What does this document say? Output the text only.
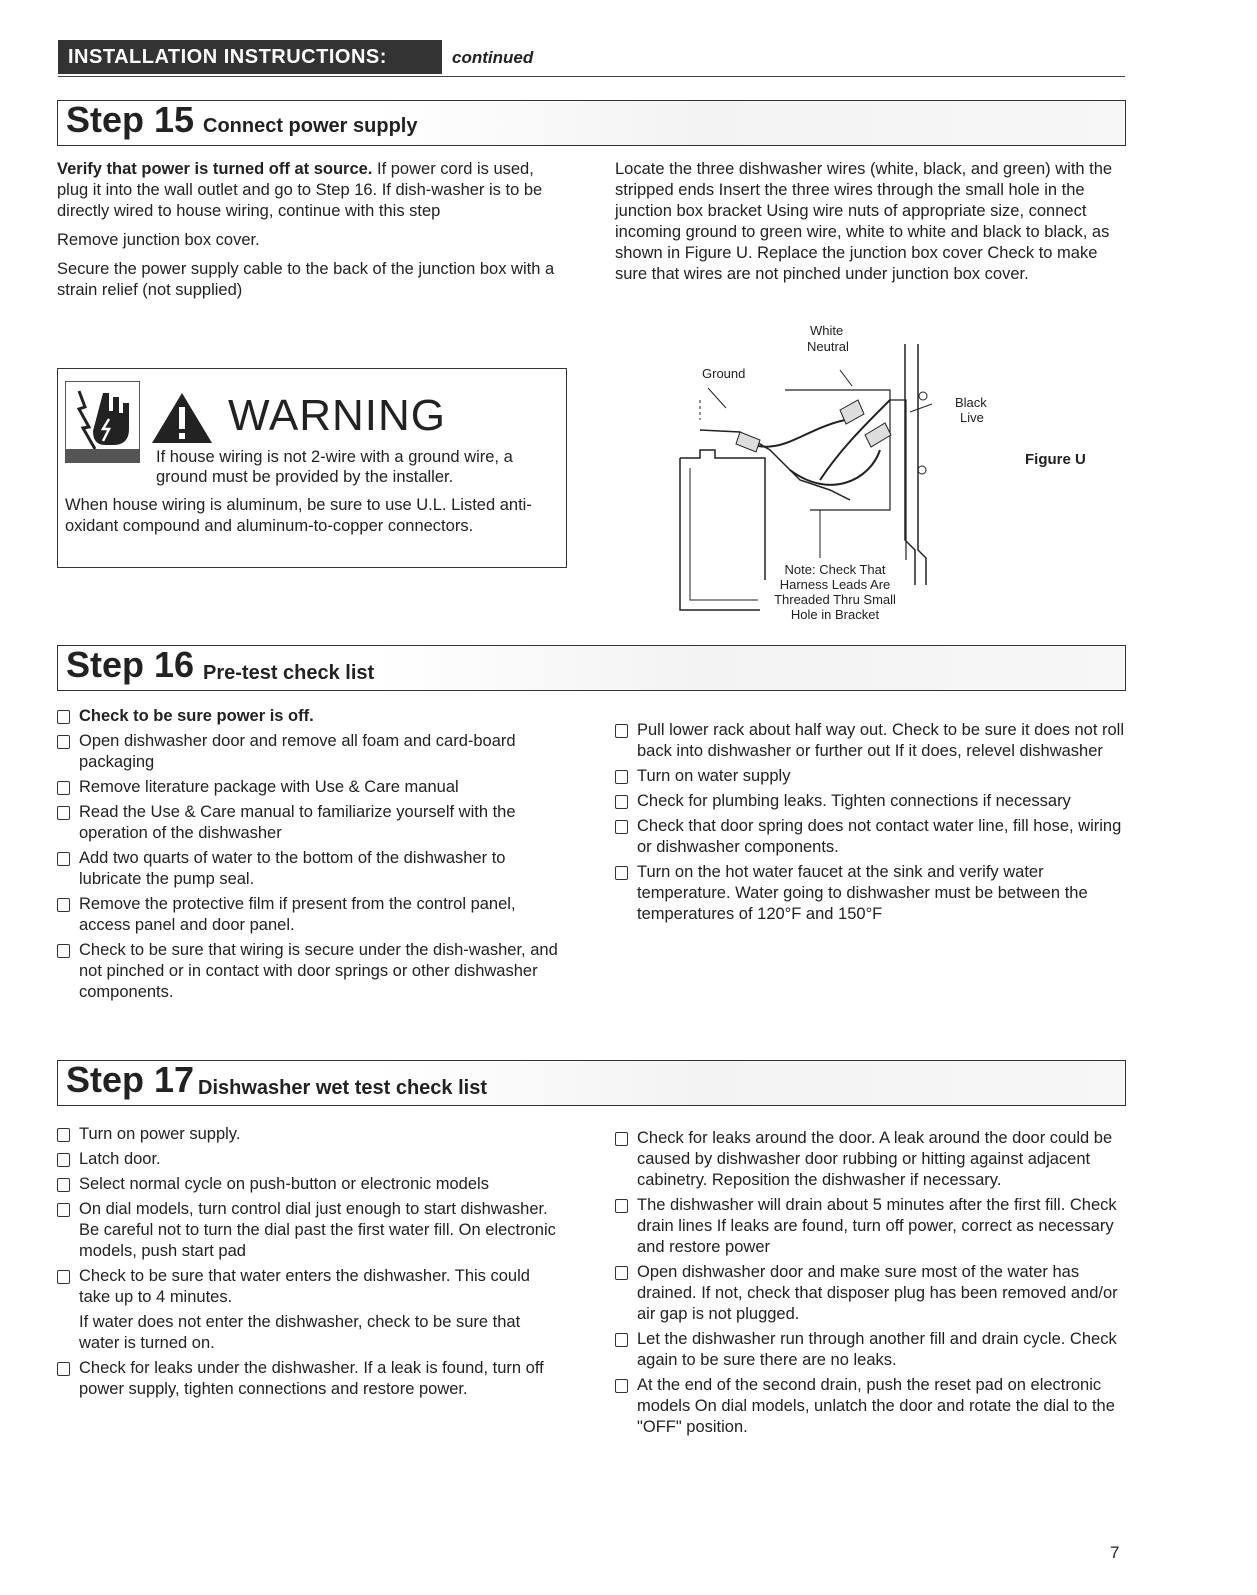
INSTALLATION INSTRUCTIONS:	continued
Step 15 Connect power supply

Verify that power is turned off at source. If power cord is used, plug it into the wall outlet and go to Step 16. If dish-washer is to be directly wired to house wiring, continue with this step

Remove junction box cover.

Secure the power supply cable to the back of the junction box with a strain relief (not supplied)

WARNING
If house wiring is not 2-wire with a ground wire, a ground must be provided by the installer.
When house wiring is aluminum, be sure to use U.L. Listed anti-oxidant compound and aluminum-to-copper connectors.

Locate the three dishwasher wires (white, black, and green) with the stripped ends Insert the three wires through the small hole in the junction box bracket Using wire nuts of appropriate size, connect incoming ground to green wire, white to white and black to black, as shown in Figure U. Replace the junction box cover Check to make sure that wires are not pinched under junction box cover.

White
Neutral
Ground
Black
Live
Note: Check That
Harness Leads Are
Threaded Thru Small
Hole in Bracket
Figure U
Step 16 Pre-test check list
Check to be sure power is off.
Open dishwasher door and remove all foam and card-board packaging
Remove literature package with Use & Care manual
Read the Use & Care manual to familiarize yourself with the operation of the dishwasher
Add two quarts of water to the bottom of the dishwasher to lubricate the pump seal.
Remove the protective film if present from the control panel, access panel and door panel.
Check to be sure that wiring is secure under the dish-washer, and not pinched or in contact with door springs or other dishwasher components.
Pull lower rack about half way out. Check to be sure it does not roll back into dishwasher or further out If it does, relevel dishwasher
Turn on water supply
Check for plumbing leaks. Tighten connections if necessary
Check that door spring does not contact water line, fill hose, wiring or dishwasher components.
Turn on the hot water faucet at the sink and verify water temperature. Water going to dishwasher must be between the temperatures of 120°F and 150°F
Step 17 Dishwasher wet test check list
Turn on power supply.
Latch door.
Select normal cycle on push-button or electronic models
On dial models, turn control dial just enough to start dishwasher. Be careful not to turn the dial past the first water fill. On electronic models, push start pad
Check to be sure that water enters the dishwasher. This could take up to 4 minutes.
If water does not enter the dishwasher, check to be sure that water is turned on.
Check for leaks under the dishwasher. If a leak is found, turn off power supply, tighten connections and restore power.
Check for leaks around the door. A leak around the door could be caused by dishwasher door rubbing or hitting against adjacent cabinetry. Reposition the dishwasher if necessary.
The dishwasher will drain about 5 minutes after the first fill. Check drain lines If leaks are found, turn off power, correct as necessary and restore power
Open dishwasher door and make sure most of the water has drained. If not, check that disposer plug has been removed and/or air gap is not plugged.
Let the dishwasher run through another fill and drain cycle. Check again to be sure there are no leaks.
At the end of the second drain, push the reset pad on electronic models On dial models, unlatch the door and rotate the dial to the "OFF" position.
7
